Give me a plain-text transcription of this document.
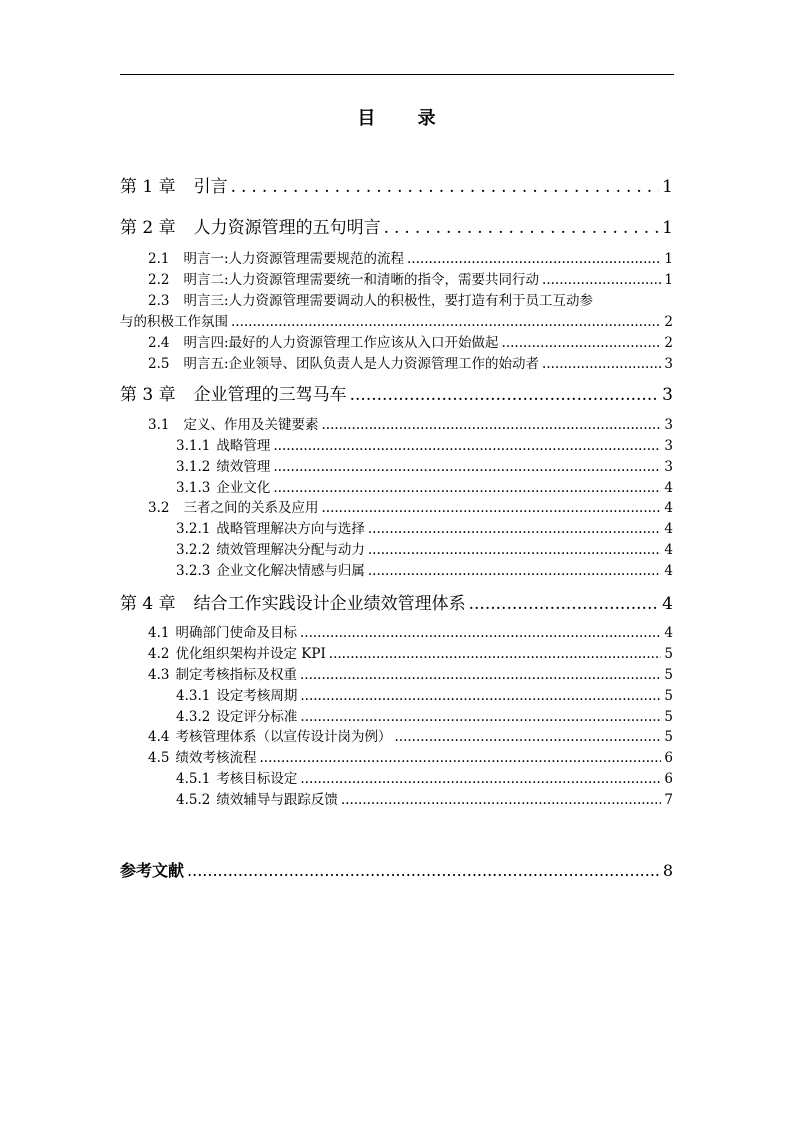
目 录
第 1 章 引言 .....	1
第 2 章 人力资源管理的五句明言 .....	1
2.1 明言一:人力资源管理需要规范的流程 .....	1
2.2 明言二:人力资源管理需要统一和清晰的指令，需要共同行动 .....	1
2.3 明言三:人力资源管理需要调动人的积极性，要打造有利于员工互动参
与的积极工作氛围 .....	2
2.4 明言四:最好的人力资源管理工作应该从入口开始做起 .....	2
2.5 明言五:企业领导、团队负责人是人力资源管理工作的始动者 .....	3
第 3 章 企业管理的三驾马车 .....	3
3.1 定义、作用及关键要素 .....	3
3.1.1 战略管理 .....	3
3.1.2 绩效管理 .....	3
3.1.3 企业文化 .....	4
3.2 三者之间的关系及应用 .....	4
3.2.1 战略管理解决方向与选择 .....	4
3.2.2 绩效管理解决分配与动力 .....	4
3.2.3 企业文化解决情感与归属 .....	4
第 4 章 结合工作实践设计企业绩效管理体系 .....	4
4.1 明确部门使命及目标 .....	4
4.2 优化组织架构并设定 KPI .....	5
4.3 制定考核指标及权重 .....	5
4.3.1 设定考核周期 .....	5
4.3.2 设定评分标准 .....	5
4.4 考核管理体系（以宣传设计岗为例） .....	5
4.5 绩效考核流程 .....	6
4.5.1 考核目标设定 .....	6
4.5.2 绩效辅导与跟踪反馈 .....	7
参考文献 .....	8
